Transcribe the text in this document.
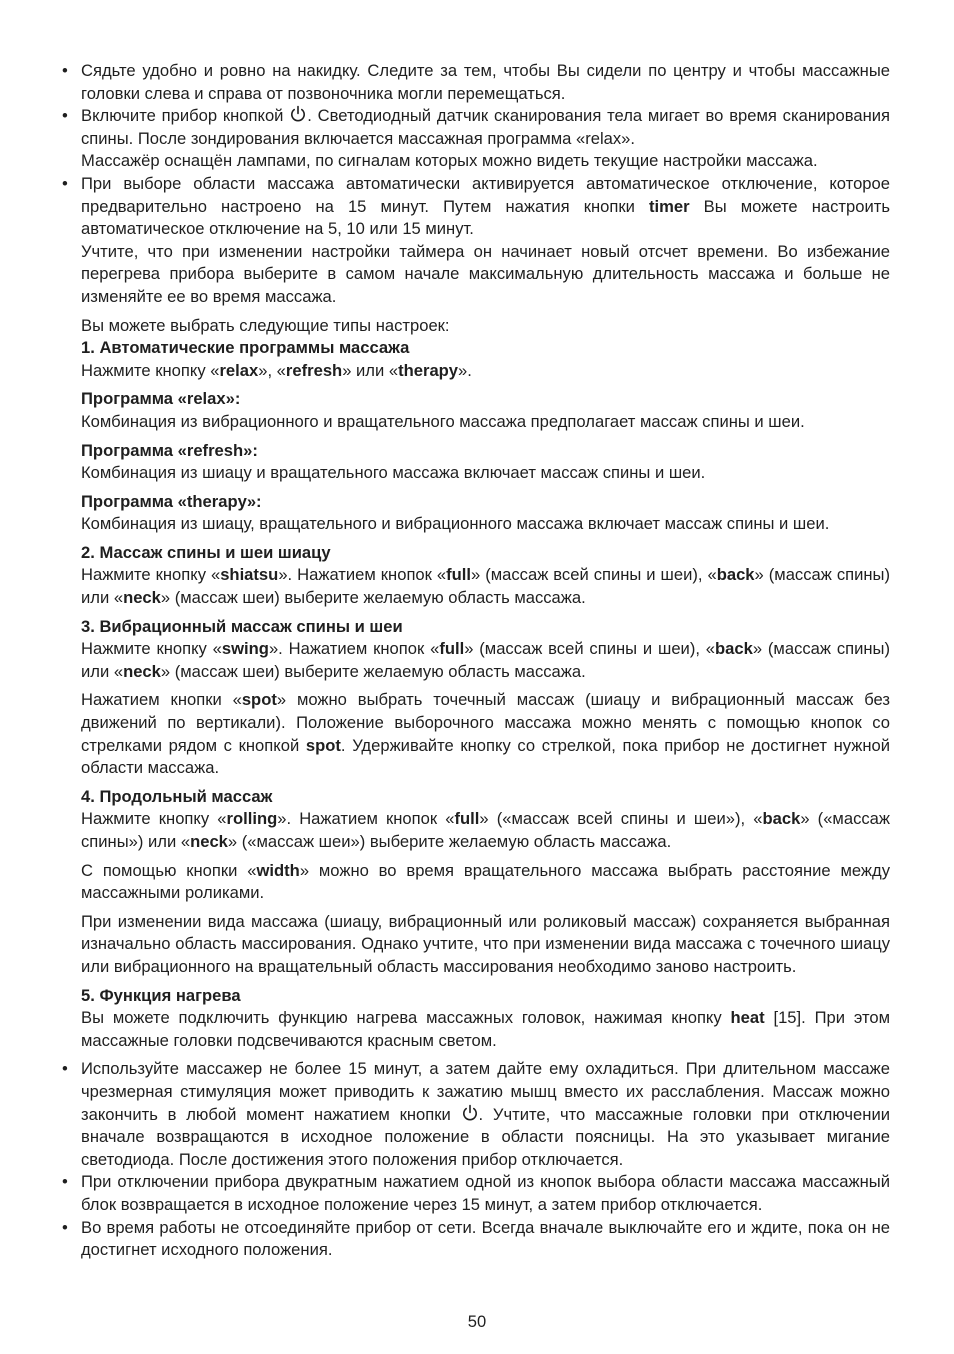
• Сядьте удобно и ровно на накидку. Следите за тем, чтобы Вы сидели по центру и чтобы массажные головки слева и справа от позвоночника могли перемещаться.
• Включите прибор кнопкой
. Светодиодный датчик сканирования тела мигает во время сканирования спины. После зондирования включается массажная программа «relax».
Массажёр оснащён лампами, по сигналам которых можно видеть текущие настройки массажа.
• При выборе области массажа автоматически активируется автоматическое отключение, которое предварительно настроено на 15 минут. Путем нажатия кнопки timer Вы можете настроить автоматическое отключение на 5, 10 или 15 минут.
Учтите, что при изменении настройки таймера он начинает новый отсчет времени. Во избежание перегрева прибора выберите в самом начале максимальную длительность массажа и больше не изменяйте ее во время массажа.
Вы можете выбрать следующие типы настроек:
1. Автоматические программы массажа
Нажмите кнопку «relax», «refresh» или «therapy».
Программа «relax»:
Комбинация из вибрационного и вращательного массажа предполагает массаж спины и шеи.
Программа «refresh»:
Комбинация из шиацу и вращательного массажа включает массаж спины и шеи.
Программа «therapy»:
Комбинация из шиацу, вращательного и вибрационного массажа включает массаж спины и шеи.
2. Массаж спины и шеи шиацу
Нажмите кнопку «shiatsu». Нажатием кнопок «full» (массаж всей спины и шеи), «back» (массаж спины) или «neck» (массаж шеи) выберите желаемую область массажа.
3. Вибрационный массаж спины и шеи
Нажмите кнопку «swing». Нажатием кнопок «full» (массаж всей спины и шеи), «back» (массаж спины) или «neck» (массаж шеи) выберите желаемую область массажа.
Нажатием кнопки «spot» можно выбрать точечный массаж (шиацу и вибрационный массаж без движений по вертикали). Положение выборочного массажа можно менять с помощью кнопок со стрелками рядом с кнопкой spot. Удерживайте кнопку со стрелкой, пока прибор не достигнет нужной области массажа.
4. Продольный массаж
Нажмите кнопку «rolling». Нажатием кнопок «full» («массаж всей спины и шеи»), «back» («массаж спины») или «neck» («массаж шеи») выберите желаемую область массажа.
С помощью кнопки «width» можно во время вращательного массажа выбрать расстояние между массажными роликами.
При изменении вида массажа (шиацу, вибрационный или роликовый массаж) сохраняется выбранная изначально область массирования. Однако учтите, что при изменении вида массажа с точечного шиацу или вибрационного на вращательный область массирования необходимо заново настроить.
5. Функция нагрева
Вы можете подключить функцию нагрева массажных головок, нажимая кнопку heat [15]. При этом массажные головки подсвечиваются красным светом.
• Используйте массажер не более 15 минут, а затем дайте ему охладиться. При длительном массаже чрезмерная стимуляция может приводить к зажатию мышц вместо их расслабления. Массаж можно закончить в любой момент нажатием кнопки
. Учтите, что массажные головки при отключении вначале возвращаются в исходное положение в области поясницы. На это указывает мигание светодиода. После достижения этого положения прибор отключается.
• При отключении прибора двукратным нажатием одной из кнопок выбора области массажа массажный блок возвращается в исходное положение через 15 минут, а затем прибор отключается.
• Во время работы не отсоединяйте прибор от сети. Всегда вначале выключайте его и ждите, пока он не достигнет исходного положения.
50
